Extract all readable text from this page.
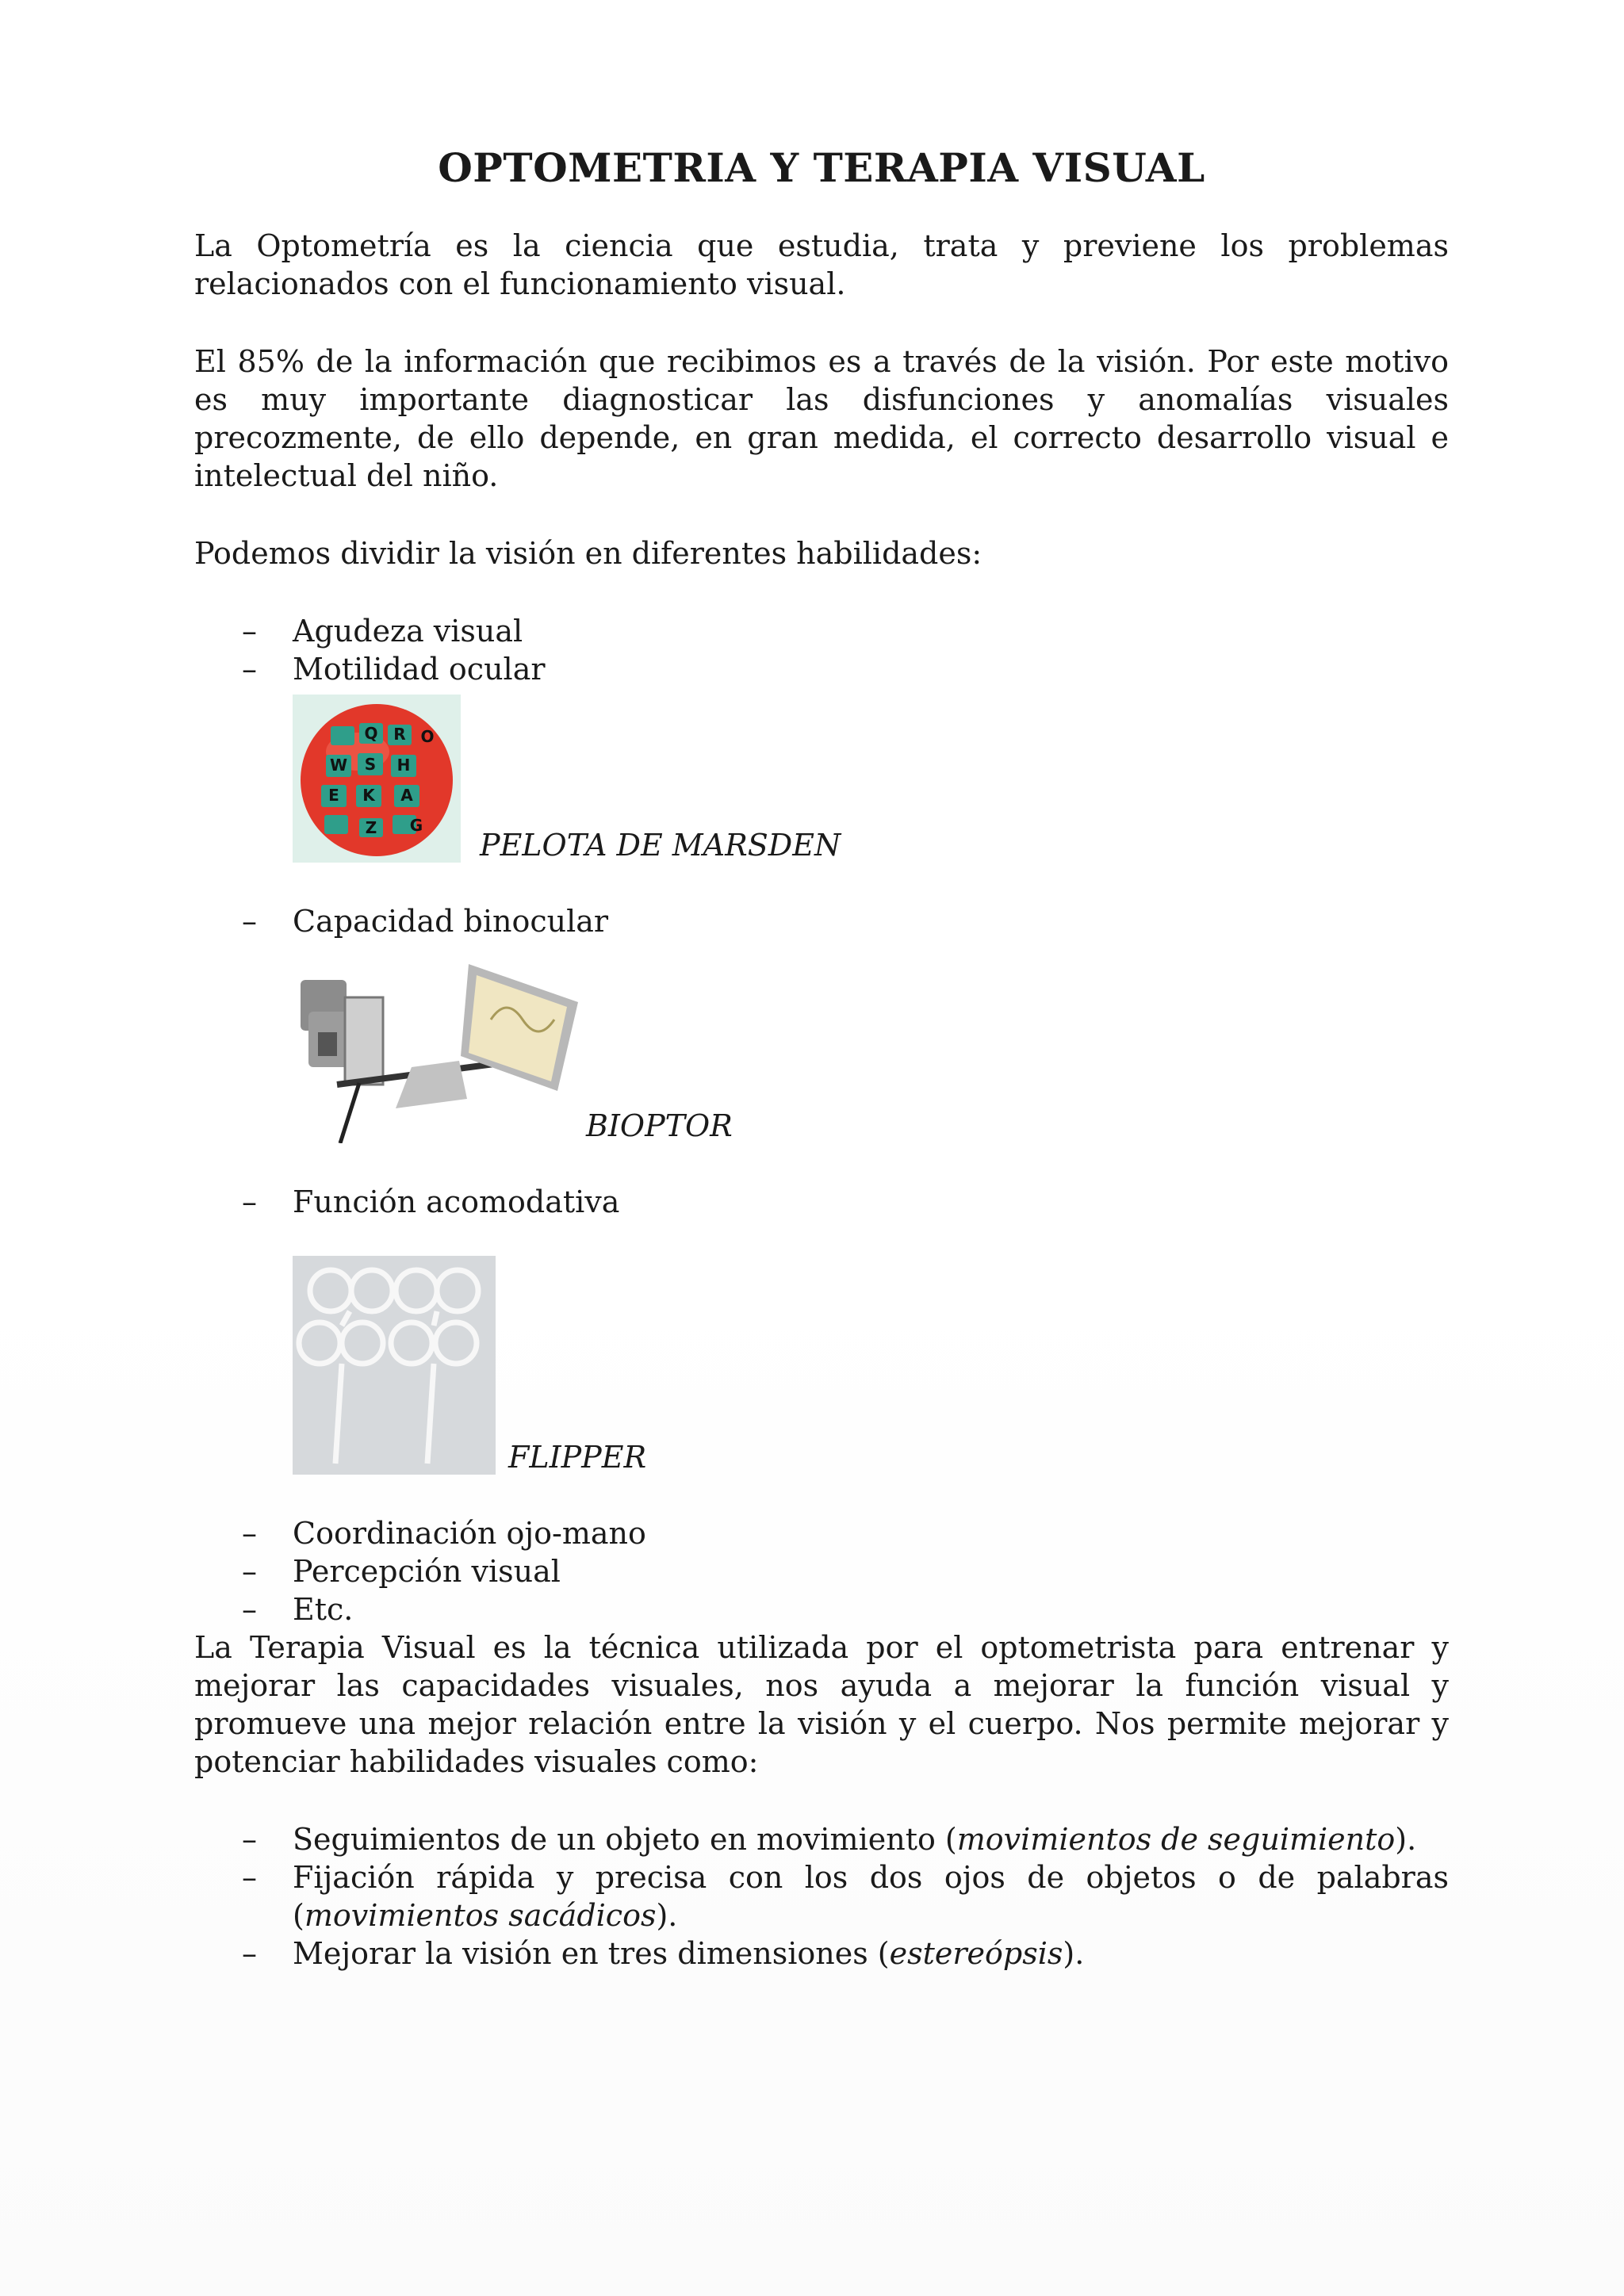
OPTOMETRIA Y TERAPIA VISUAL

La Optometría es la ciencia que estudia, trata y previene los problemas relacionados con el funcionamiento visual.

El 85% de la información que recibimos es a través de la visión. Por este motivo es muy importante diagnosticar las disfunciones y anomalías visuales precozmente, de ello depende, en gran medida, el correcto desarrollo visual e intelectual del niño.

Podemos dividir la visión en diferentes habilidades:

– Agudeza visual
– Motilidad ocular
Q R O
W S H
E K A
Z G
PELOTA DE MARSDEN
– Capacidad binocular
BIOPTOR
– Función acomodativa
FLIPPER
– Coordinación ojo-mano
– Percepción visual
– Etc.

La Terapia Visual es la técnica utilizada por el optometrista para entrenar y mejorar las capacidades visuales, nos ayuda a mejorar la función visual y promueve una mejor relación entre la visión y el cuerpo. Nos permite mejorar y potenciar habilidades visuales como:

– Seguimientos de un objeto en movimiento (movimientos de seguimiento).
– Fijación rápida y precisa con los dos ojos de objetos o de palabras (movimientos sacádicos).
– Mejorar la visión en tres dimensiones (estereópsis).
